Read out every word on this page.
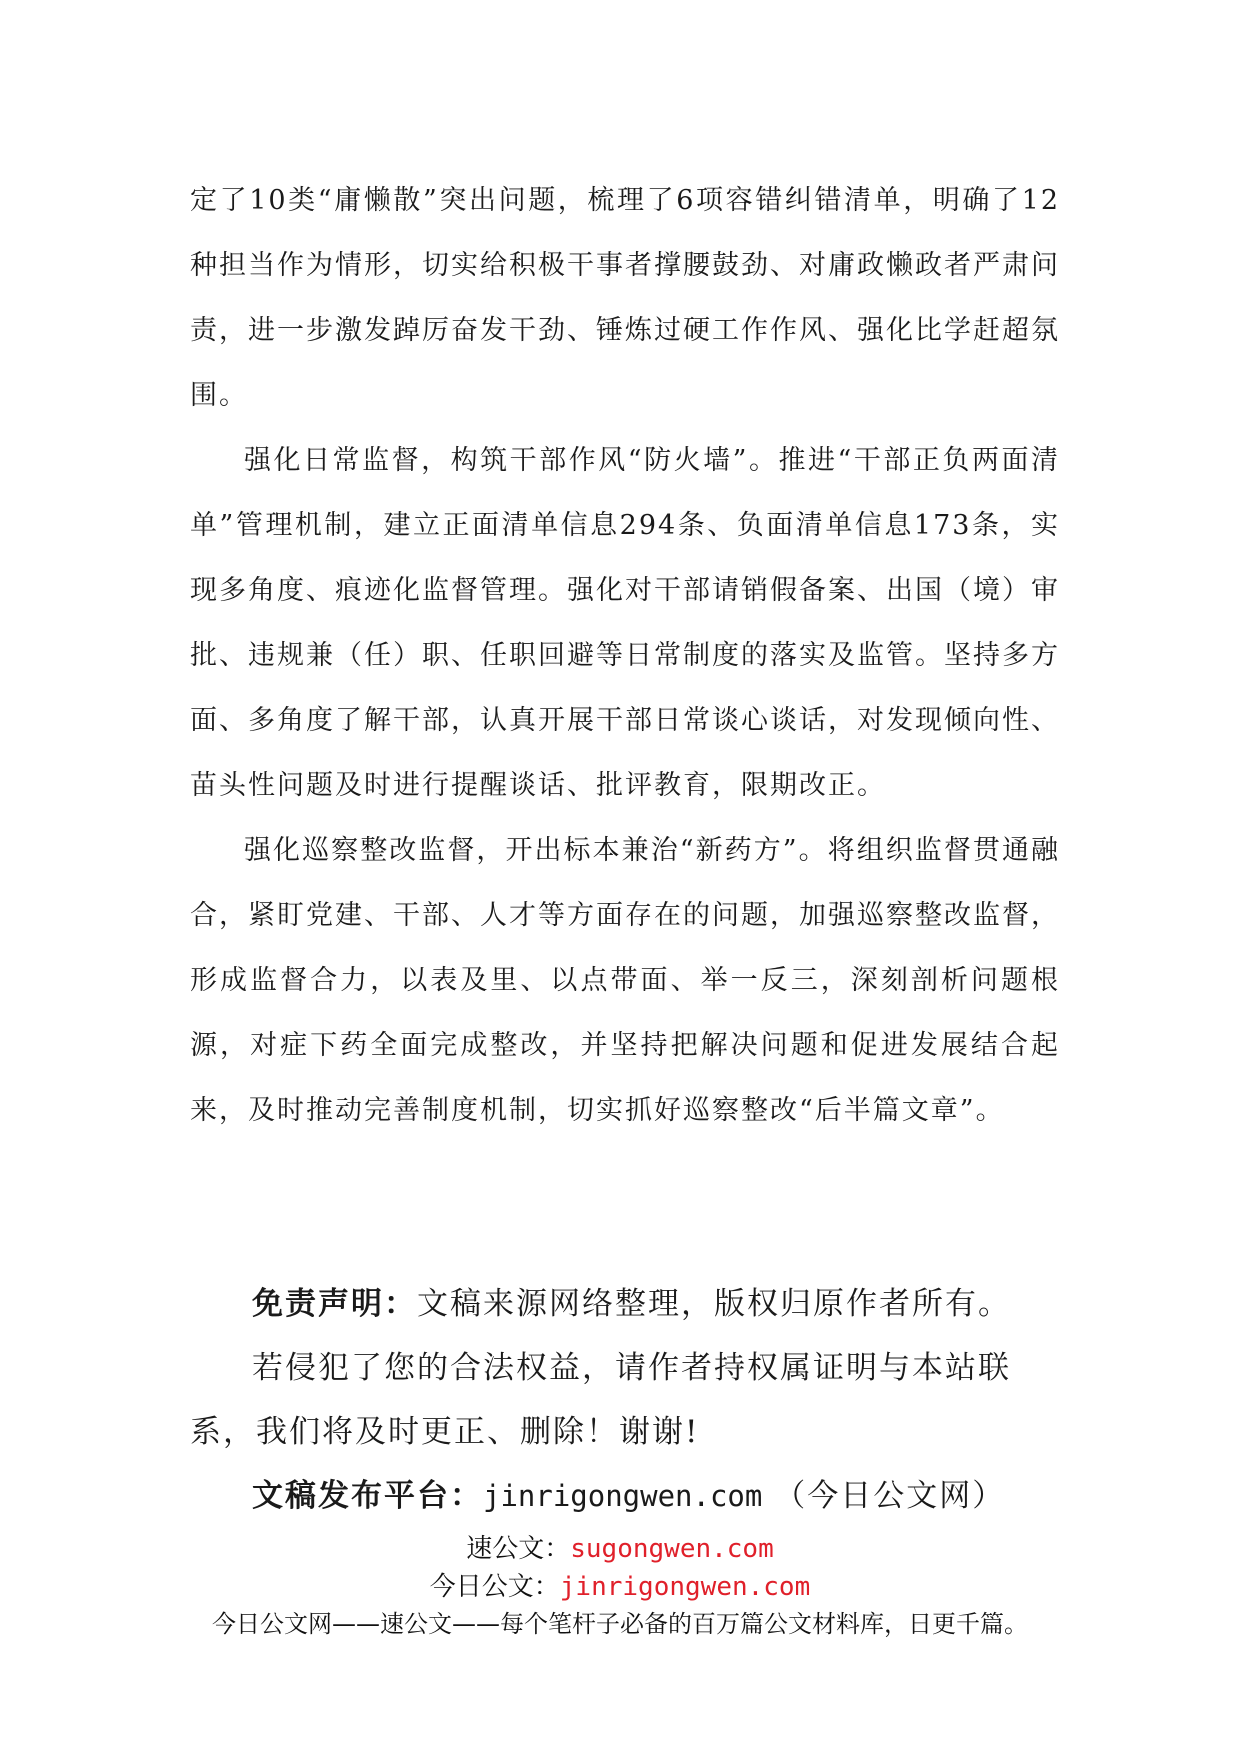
定了10类“庸懒散”突出问题，梳理了6项容错纠错清单，明确了12种担当作为情形，切实给积极干事者撑腰鼓劲、对庸政懒政者严肃问责，进一步激发踔厉奋发干劲、锤炼过硬工作作风、强化比学赶超氛围。

强化日常监督，构筑干部作风“防火墙”。推进“干部正负两面清单”管理机制，建立正面清单信息294条、负面清单信息173条，实现多角度、痕迹化监督管理。强化对干部请销假备案、出国（境）审批、违规兼（任）职、任职回避等日常制度的落实及监管。坚持多方面、多角度了解干部，认真开展干部日常谈心谈话，对发现倾向性、苗头性问题及时进行提醒谈话、批评教育，限期改正。

强化巡察整改监督，开出标本兼治“新药方”。将组织监督贯通融合，紧盯党建、干部、人才等方面存在的问题，加强巡察整改监督，形成监督合力，以表及里、以点带面、举一反三，深刻剖析问题根源，对症下药全面完成整改，并坚持把解决问题和促进发展结合起来，及时推动完善制度机制，切实抓好巡察整改“后半篇文章”。

免责声明：文稿来源网络整理，版权归原作者所有。

若侵犯了您的合法权益，请作者持权属证明与本站联系，我们将及时更正、删除！谢谢!

文稿发布平台：jinrigongwen.com （今日公文网）

速公文：sugongwen.com
今日公文：jinrigongwen.com
今日公文网——速公文——每个笔杆子必备的百万篇公文材料库，日更千篇。
